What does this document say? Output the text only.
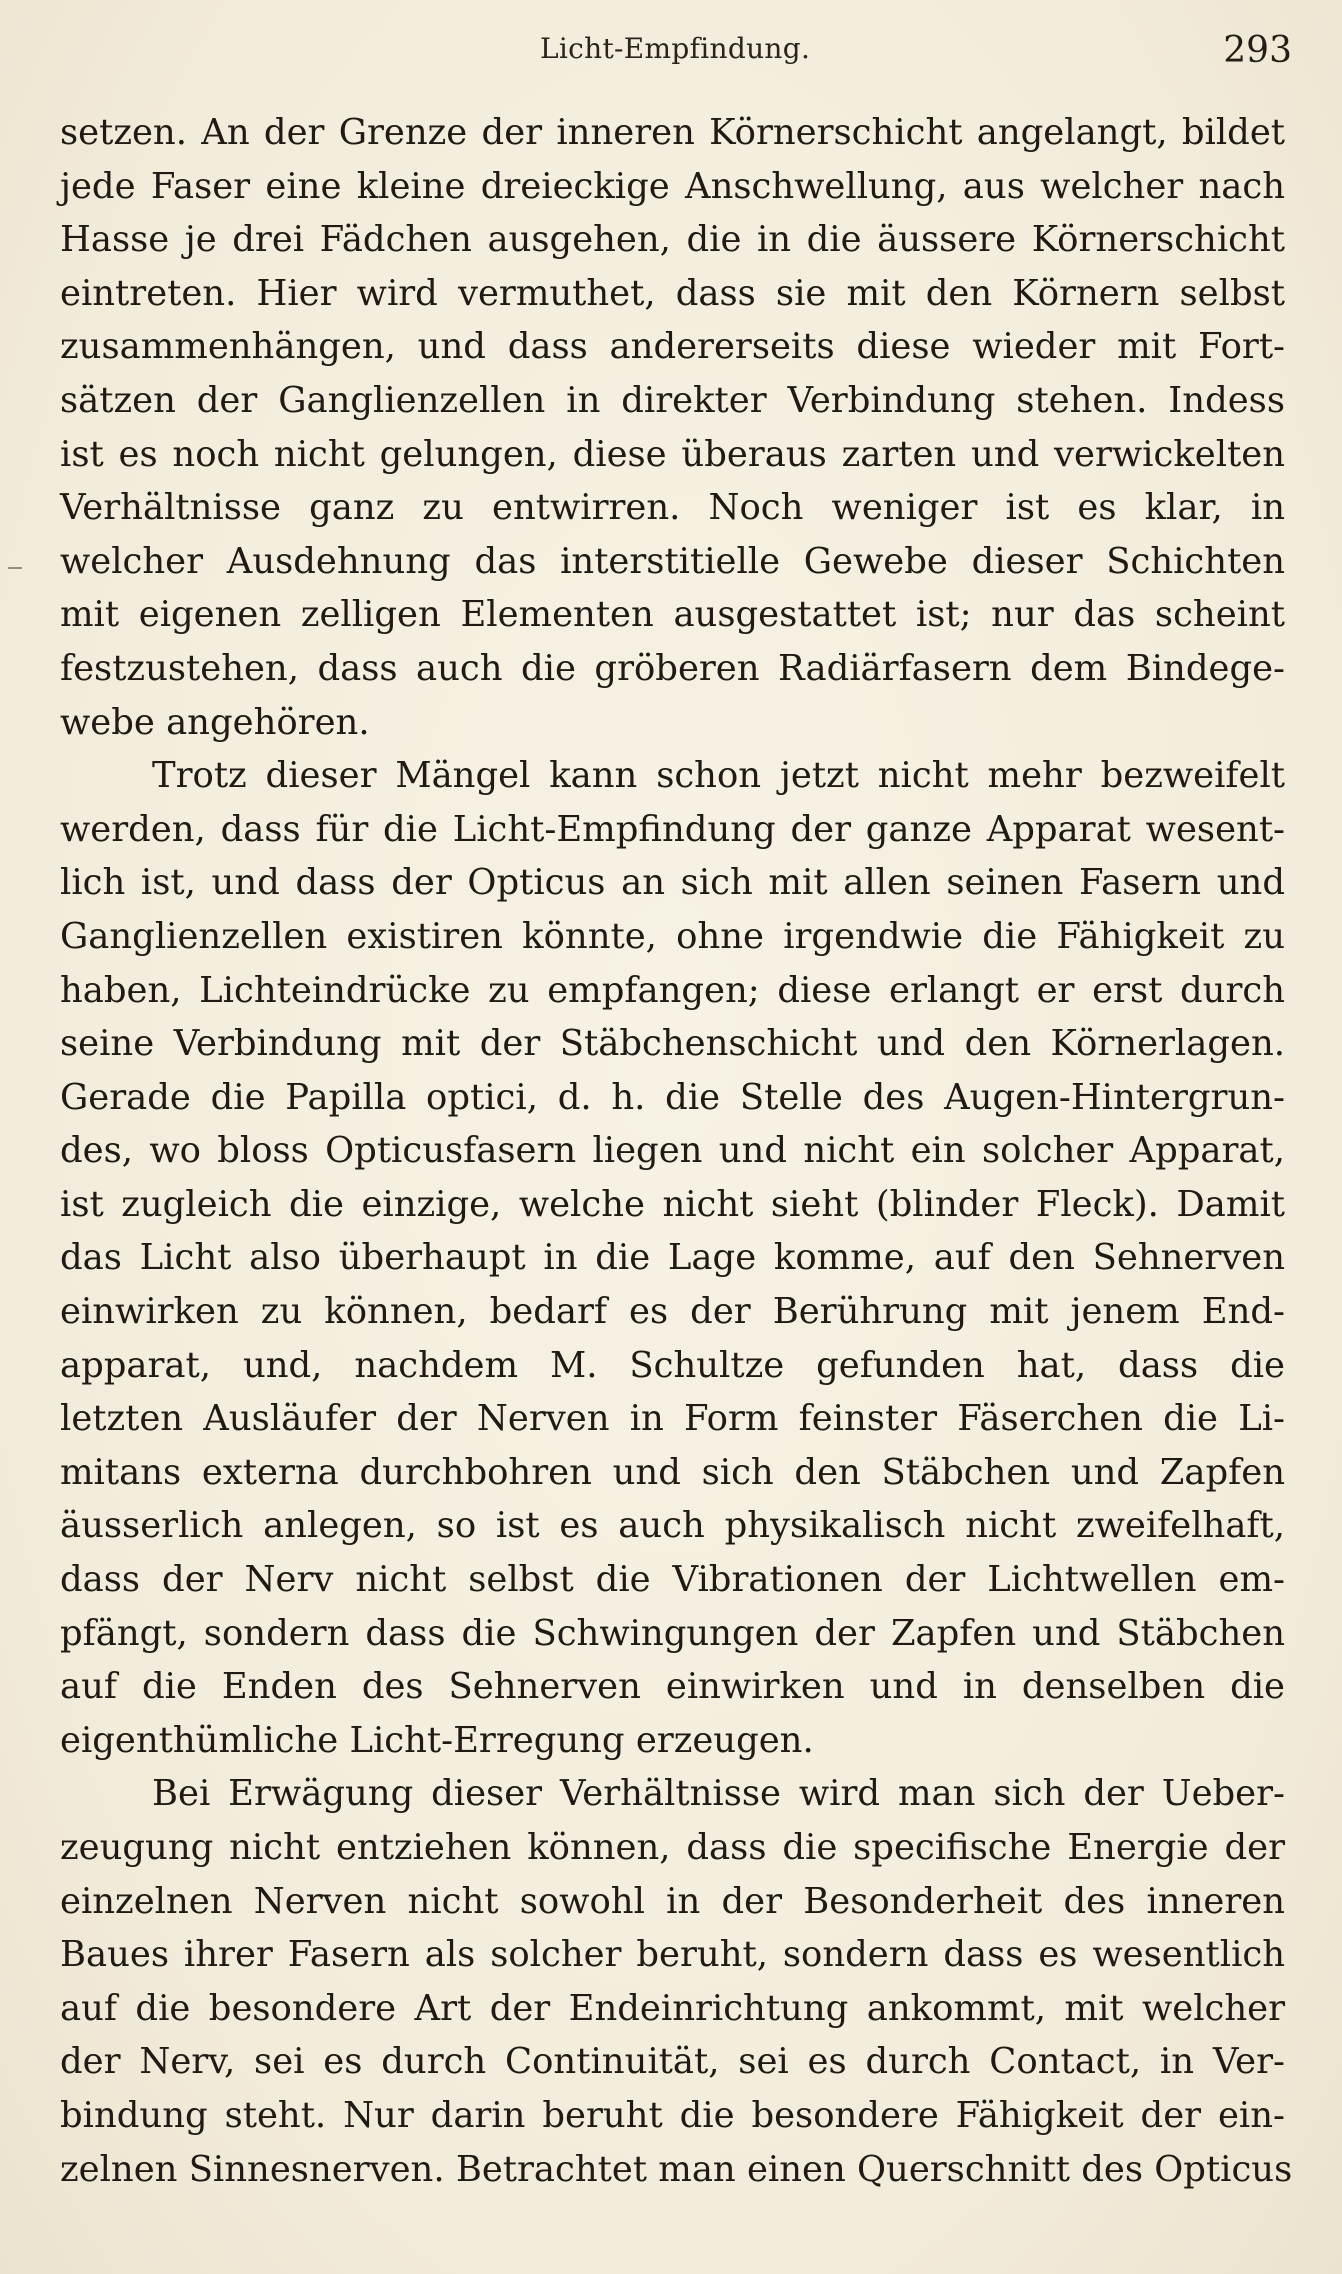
Licht-Empfindung.	293
setzen. An der Grenze der inneren Körnerschicht angelangt, bildet
jede Faser eine kleine dreieckige Anschwellung, aus welcher nach
Hasse je drei Fädchen ausgehen, die in die äussere Körnerschicht
eintreten. Hier wird vermuthet, dass sie mit den Körnern selbst
zusammenhängen, und dass andererseits diese wieder mit Fort-
sätzen der Ganglienzellen in direkter Verbindung stehen. Indess
ist es noch nicht gelungen, diese überaus zarten und verwickelten
Verhältnisse ganz zu entwirren. Noch weniger ist es klar, in
welcher Ausdehnung das interstitielle Gewebe dieser Schichten
mit eigenen zelligen Elementen ausgestattet ist; nur das scheint
festzustehen, dass auch die gröberen Radiärfasern dem Bindege-
webe angehören.
Trotz dieser Mängel kann schon jetzt nicht mehr bezweifelt
werden, dass für die Licht-Empfindung der ganze Apparat wesent-
lich ist, und dass der Opticus an sich mit allen seinen Fasern und
Ganglienzellen existiren könnte, ohne irgendwie die Fähigkeit zu
haben, Lichteindrücke zu empfangen; diese erlangt er erst durch
seine Verbindung mit der Stäbchenschicht und den Körnerlagen.
Gerade die Papilla optici, d. h. die Stelle des Augen-Hintergrun-
des, wo bloss Opticusfasern liegen und nicht ein solcher Apparat,
ist zugleich die einzige, welche nicht sieht (blinder Fleck). Damit
das Licht also überhaupt in die Lage komme, auf den Sehnerven
einwirken zu können, bedarf es der Berührung mit jenem End-
apparat, und, nachdem M. Schultze gefunden hat, dass die
letzten Ausläufer der Nerven in Form feinster Fäserchen die Li-
mitans externa durchbohren und sich den Stäbchen und Zapfen
äusserlich anlegen, so ist es auch physikalisch nicht zweifelhaft,
dass der Nerv nicht selbst die Vibrationen der Lichtwellen em-
pfängt, sondern dass die Schwingungen der Zapfen und Stäbchen
auf die Enden des Sehnerven einwirken und in denselben die
eigenthümliche Licht-Erregung erzeugen.
Bei Erwägung dieser Verhältnisse wird man sich der Ueber-
zeugung nicht entziehen können, dass die specifische Energie der
einzelnen Nerven nicht sowohl in der Besonderheit des inneren
Baues ihrer Fasern als solcher beruht, sondern dass es wesentlich
auf die besondere Art der Endeinrichtung ankommt, mit welcher
der Nerv, sei es durch Continuität, sei es durch Contact, in Ver-
bindung steht. Nur darin beruht die besondere Fähigkeit der ein-
zelnen Sinnesnerven. Betrachtet man einen Querschnitt des Opticus
